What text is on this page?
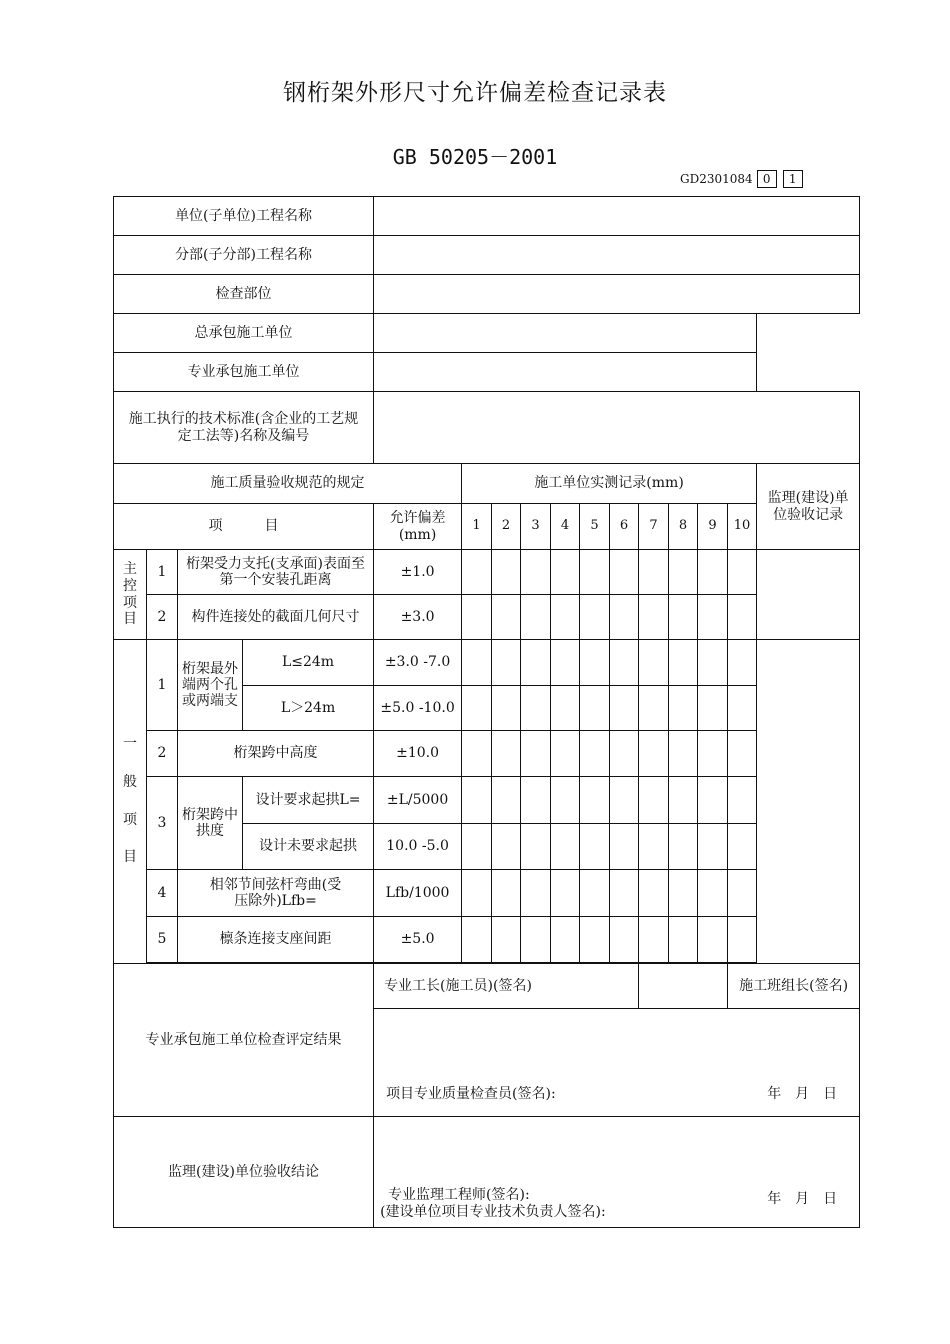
钢桁架外形尺寸允许偏差检查记录表
GB 50205－2001
GD2301084 0	1
单位(子单位)工程名称															
分部(子分部)工程名称															
检查部位															
总承包施工单位														
专业承包施工单位														
施工执行的技术标准(含企业的工艺规定工法等)名称及编号															
施工质量验收规范的规定					施工单位实测记录(mm)										监理(建设)单位验收记录
项　　　目				允许偏差(mm)	1	2	3	4	5	6	7	8	9	10	
主控项目	1	桁架受力支托(支承面)表面至第一个安装孔距离		±1.0											
	2	构件连接处的截面几何尺寸		±3.0											
一般项目	1	桁架最外端两个孔或两端支	L≤24m	±3.0 -7.0											
			L＞24m	±5.0 -10.0											
	2	桁架跨中高度		±10.0											
	3	桁架跨中拱度	设计要求起拱L=	±L/5000											
			设计未要求起拱	10.0 -5.0											
	4	相邻节间弦杆弯曲(受压除外)Lfb=		Lfb/1000											
	5	檩条连接支座间距		±5.0											

专业承包施工单位检查评定结果				专业工长(施工员)(签名)										施工班组长(签名)	

				项目专业质量检查员(签名): 年　月　日											

监理(建设)单位验收结论				专业监理工程师(签名):
(建设单位项目专业技术负责人签名):
年　月　日											
